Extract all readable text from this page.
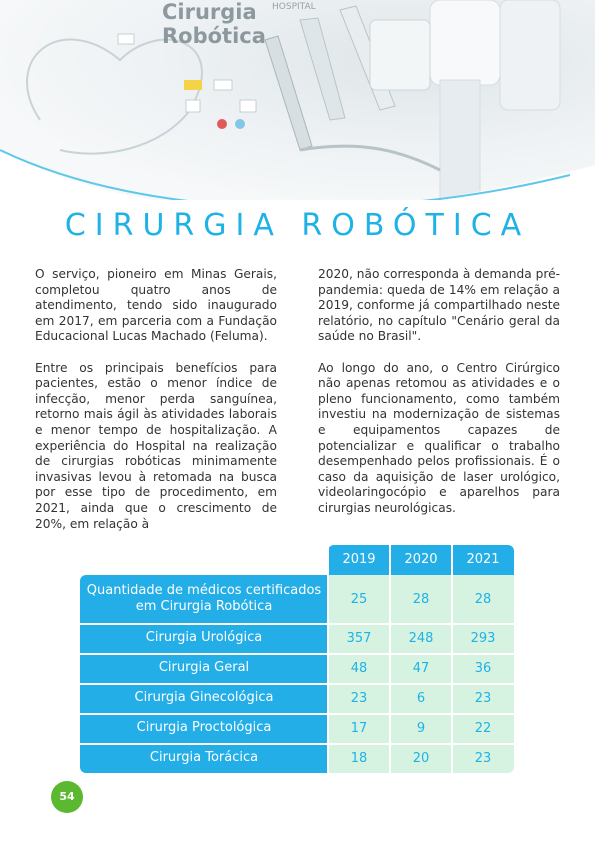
Cirurgia
Robótica
HOSPITAL
CIRURGIA ROBÓTICA

O serviço, pioneiro em Minas Gerais, completou quatro anos de atendimento, tendo sido inaugurado em 2017, em parceria com a Fundação Educacional Lucas Machado (Feluma).

Entre os principais benefícios para pacientes, estão o menor índice de infecção, menor perda sanguínea, retorno mais ágil às atividades laborais e menor tempo de hospitalização. A experiência do Hospital na realização de cirurgias robóticas minimamente invasivas levou à retomada na busca por esse tipo de procedimento, em 2021, ainda que o crescimento de 20%, em relação à

2020, não corresponda à demanda pré-pandemia: queda de 14% em relação a 2019, conforme já compartilhado neste relatório, no capítulo "Cenário geral da saúde no Brasil".

Ao longo do ano, o Centro Cirúrgico não apenas retomou as atividades e o pleno funcionamento, como também investiu na modernização de sistemas e equipamentos capazes de potencializar e qualificar o trabalho desempenhado pelos profissionais. É o caso da aquisição de laser urológico, videolaringocópio e aparelhos para cirurgias neurológicas.

2019	2020	2021
Quantidade de médicos certificados em Cirurgia Robótica	25	28	28
Cirurgia Urológica	357	248	293
Cirurgia Geral	48	47	36
Cirurgia Ginecológica	23	6	23
Cirurgia Proctológica	17	9	22
Cirurgia Torácica	18	20	23
54
